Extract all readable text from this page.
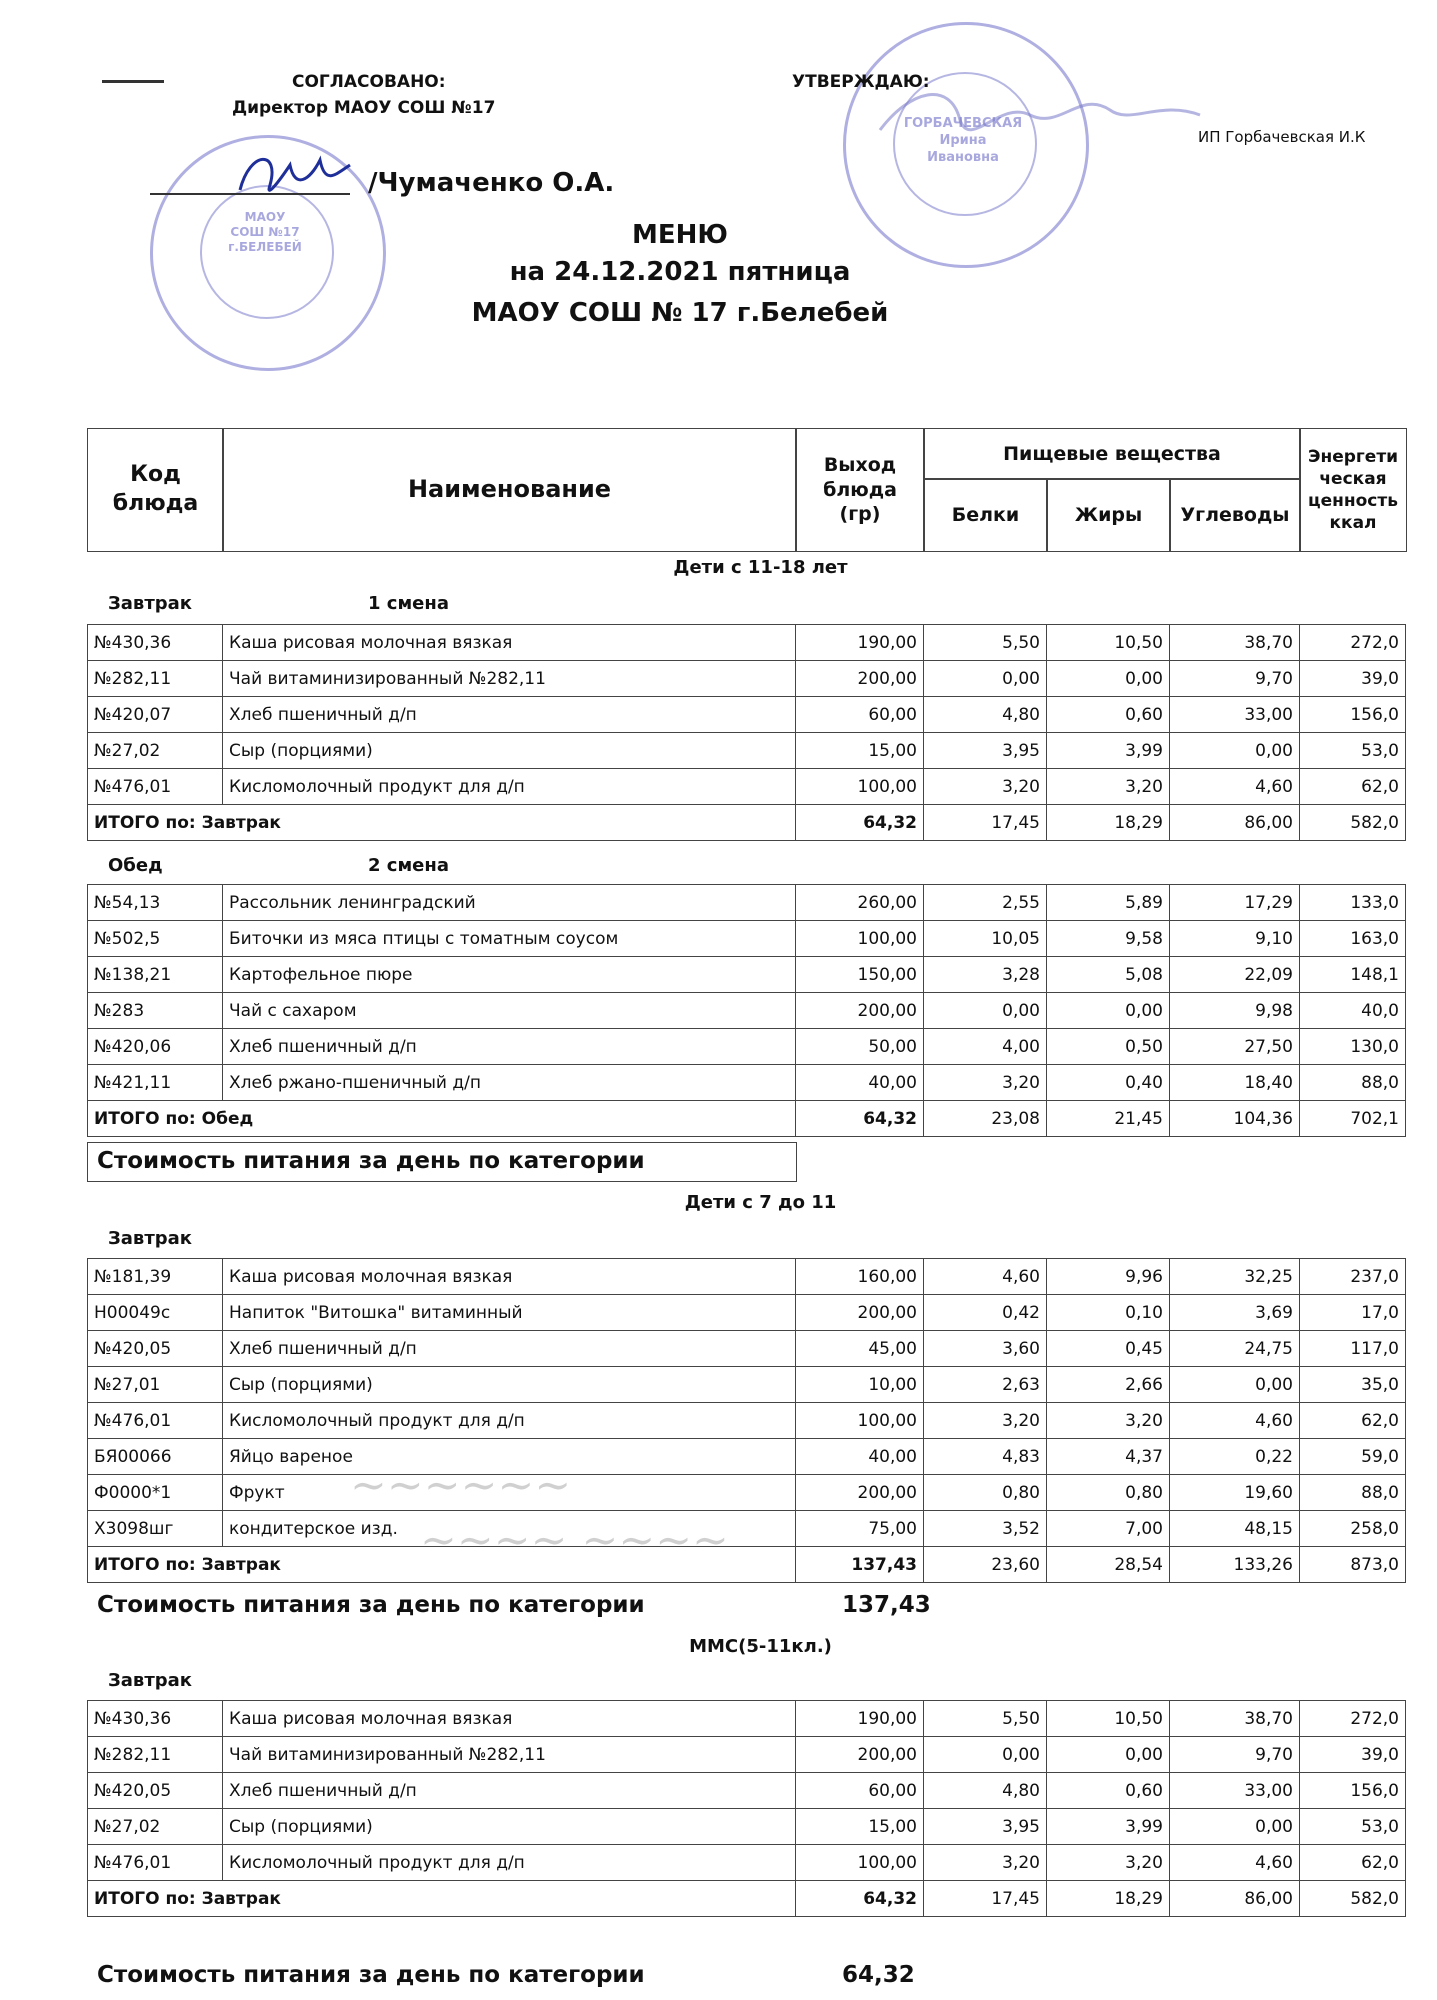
МАОУ
СОШ №17
г.БЕЛЕБЕЙ
ГОРБАЧЕВСКАЯ
Ирина
Ивановна
СОГЛАСОВАНО:
Директор МАОУ СОШ №17
/Чумаченко О.А.
УТВЕРЖДАЮ:
ИП Горбачевская И.К
МЕНЮ
на 24.12.2021 пятница
МАОУ СОШ № 17 г.Белебей
Код блюда
Наименование
Выход блюда (гр)
Пищевые вещества
Белки	Жиры Углеводы
Энергети ческая ценность ккал
Дети с 11-18 лет
Завтрак	1 смена
№430,36	Каша рисовая молочная вязкая	190,00	5,50	10,50	38,70	272,0
№282,11	Чай витаминизированный №282,11	200,00	0,00	0,00	9,70	39,0
№420,07	Хлеб пшеничный д/п	60,00	4,80	0,60	33,00	156,0
№27,02	Сыр (порциями)	15,00	3,95	3,99	0,00	53,0
№476,01	Кисломолочный продукт для д/п	100,00	3,20	3,20	4,60	62,0
ИТОГО по: Завтрак		64,32	17,45	18,29	86,00	582,0
Обед	2 смена
№54,13	Рассольник ленинградский	260,00	2,55	5,89	17,29	133,0
№502,5	Биточки из мяса птицы с томатным соусом	100,00	10,05	9,58	9,10	163,0
№138,21	Картофельное пюре	150,00	3,28	5,08	22,09	148,1
№283	Чай с сахаром	200,00	0,00	0,00	9,98	40,0
№420,06	Хлеб пшеничный д/п	50,00	4,00	0,50	27,50	130,0
№421,11	Хлеб ржано-пшеничный д/п	40,00	3,20	0,40	18,40	88,0
ИТОГО по: Обед		64,32	23,08	21,45	104,36	702,1
Стоимость питания за день по категории
Дети с 7 до 11
Завтрак
№181,39	Каша рисовая молочная вязкая	160,00	4,60	9,96	32,25	237,0
Н00049с	Напиток "Витошка" витаминный	200,00	0,42	0,10	3,69	17,0
№420,05	Хлеб пшеничный д/п	45,00	3,60	0,45	24,75	117,0
№27,01	Сыр (порциями)	10,00	2,63	2,66	0,00	35,0
№476,01	Кисломолочный продукт для д/п	100,00	3,20	3,20	4,60	62,0
БЯ00066	Яйцо вареное	40,00	4,83	4,37	0,22	59,0
Ф0000*1	Фрукт	200,00	0,80	0,80	19,60	88,0
Х3098шг	кондитерское изд.	75,00	3,52	7,00	48,15	258,0
ИТОГО по: Завтрак		137,43	23,60	28,54	133,26	873,0
Стоимость питания за день по категории	137,43
ММС(5-11кл.)
Завтрак
№430,36	Каша рисовая молочная вязкая	190,00	5,50	10,50	38,70	272,0
№282,11	Чай витаминизированный №282,11	200,00	0,00	0,00	9,70	39,0
№420,05	Хлеб пшеничный д/п	60,00	4,80	0,60	33,00	156,0
№27,02	Сыр (порциями)	15,00	3,95	3,99	0,00	53,0
№476,01	Кисломолочный продукт для д/п	100,00	3,20	3,20	4,60	62,0
ИТОГО по: Завтрак		64,32	17,45	18,29	86,00	582,0
Стоимость питания за день по категории	64,32
~~~~~~
~~~~ ~~~~
